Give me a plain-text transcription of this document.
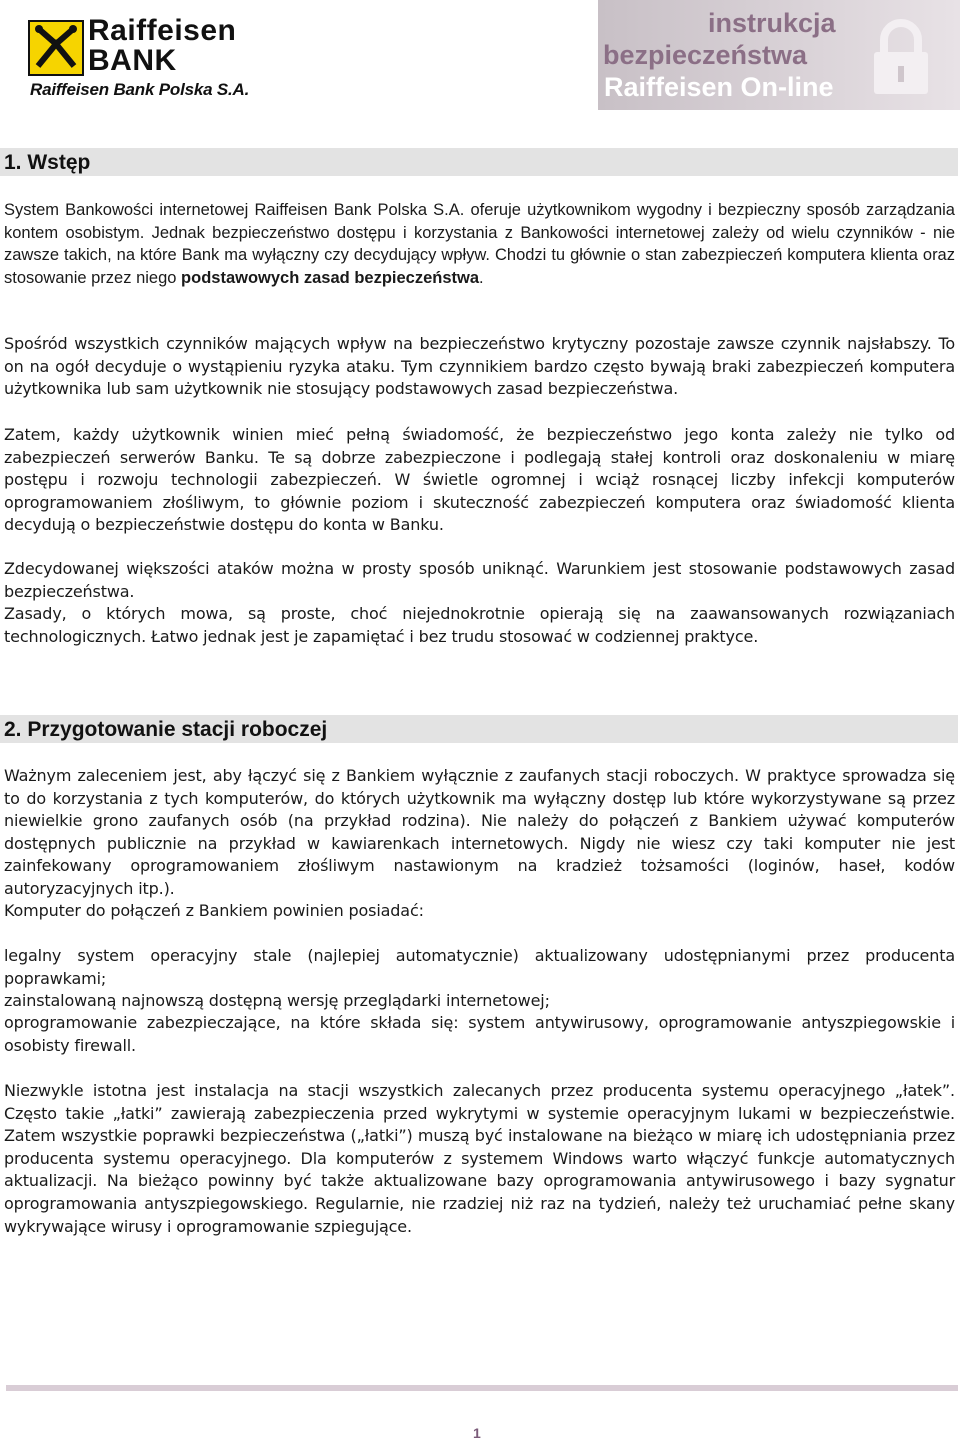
Raiffeisen
BANK
Raiffeisen Bank Polska S.A.
instrukcja
bezpieczeństwa
Raiffeisen On-line
1. Wstęp
System Bankowości internetowej Raiffeisen Bank Polska S.A. oferuje użytkownikom wygodny i bezpieczny sposób zarządzania kontem osobistym. Jednak bezpieczeństwo dostępu i korzystania z Bankowości internetowej zależy od wielu czynników - nie zawsze takich, na które Bank ma wyłączny czy decydujący wpływ. Chodzi tu głównie o stan zabezpieczeń komputera klienta oraz stosowanie przez niego podstawowych zasad bezpieczeństwa.
Spośród wszystkich czynników mających wpływ na bezpieczeństwo krytyczny pozostaje zawsze czynnik najsłabszy. To on na ogół decyduje o wystąpieniu ryzyka ataku. Tym czynnikiem bardzo często bywają braki zabezpieczeń komputera użytkownika lub sam użytkownik nie stosujący podstawowych zasad bezpieczeństwa.
Zatem, każdy użytkownik winien mieć pełną świadomość, że bezpieczeństwo jego konta zależy nie tylko od zabezpieczeń serwerów Banku. Te są dobrze zabezpieczone i podlegają stałej kontroli oraz doskonaleniu w miarę postępu i rozwoju technologii zabezpieczeń. W świetle ogromnej i wciąż rosnącej liczby infekcji komputerów oprogramowaniem złośliwym, to głównie poziom i skuteczność zabezpieczeń komputera oraz świadomość klienta decydują o bezpieczeństwie dostępu do konta w Banku.
Zdecydowanej większości ataków można w prosty sposób uniknąć. Warunkiem jest stosowanie podstawowych zasad bezpieczeństwa.
Zasady, o których mowa, są proste, choć niejednokrotnie opierają się na zaawansowanych rozwiązaniach technologicznych. Łatwo jednak jest je zapamiętać i bez trudu stosować w codziennej praktyce.
2. Przygotowanie stacji roboczej
Ważnym zaleceniem jest, aby łączyć się z Bankiem wyłącznie z zaufanych stacji roboczych. W praktyce sprowadza się to do korzystania z tych komputerów, do których użytkownik ma wyłączny dostęp lub które wykorzystywane są przez niewielkie grono zaufanych osób (na przykład rodzina). Nie należy do połączeń z Bankiem używać komputerów dostępnych publicznie na przykład w kawiarenkach internetowych. Nigdy nie wiesz czy taki komputer nie jest zainfekowany oprogramowaniem złośliwym nastawionym na kradzież tożsamości (loginów, haseł, kodów autoryzacyjnych itp.).
Komputer do połączeń z Bankiem powinien posiadać:
legalny system operacyjny stale (najlepiej automatycznie) aktualizowany udostępnianymi przez producenta poprawkami;
zainstalowaną najnowszą dostępną wersję przeglądarki internetowej;
oprogramowanie zabezpieczające, na które składa się: system antywirusowy, oprogramowanie antyszpiegowskie i osobisty firewall.
Niezwykle istotna jest instalacja na stacji wszystkich zalecanych przez producenta systemu operacyjnego „łatek”. Często takie „łatki” zawierają zabezpieczenia przed wykrytymi w systemie operacyjnym lukami w bezpieczeństwie. Zatem wszystkie poprawki bezpieczeństwa („łatki”) muszą być instalowane na bieżąco w miarę ich udostępniania przez producenta systemu operacyjnego. Dla komputerów z systemem Windows warto włączyć funkcje automatycznych aktualizacji. Na bieżąco powinny być także aktualizowane bazy oprogramowania antywirusowego i bazy sygnatur oprogramowania antyszpiegowskiego. Regularnie, nie rzadziej niż raz na tydzień, należy też uruchamiać pełne skany wykrywające wirusy i oprogramowanie szpiegujące.
1
